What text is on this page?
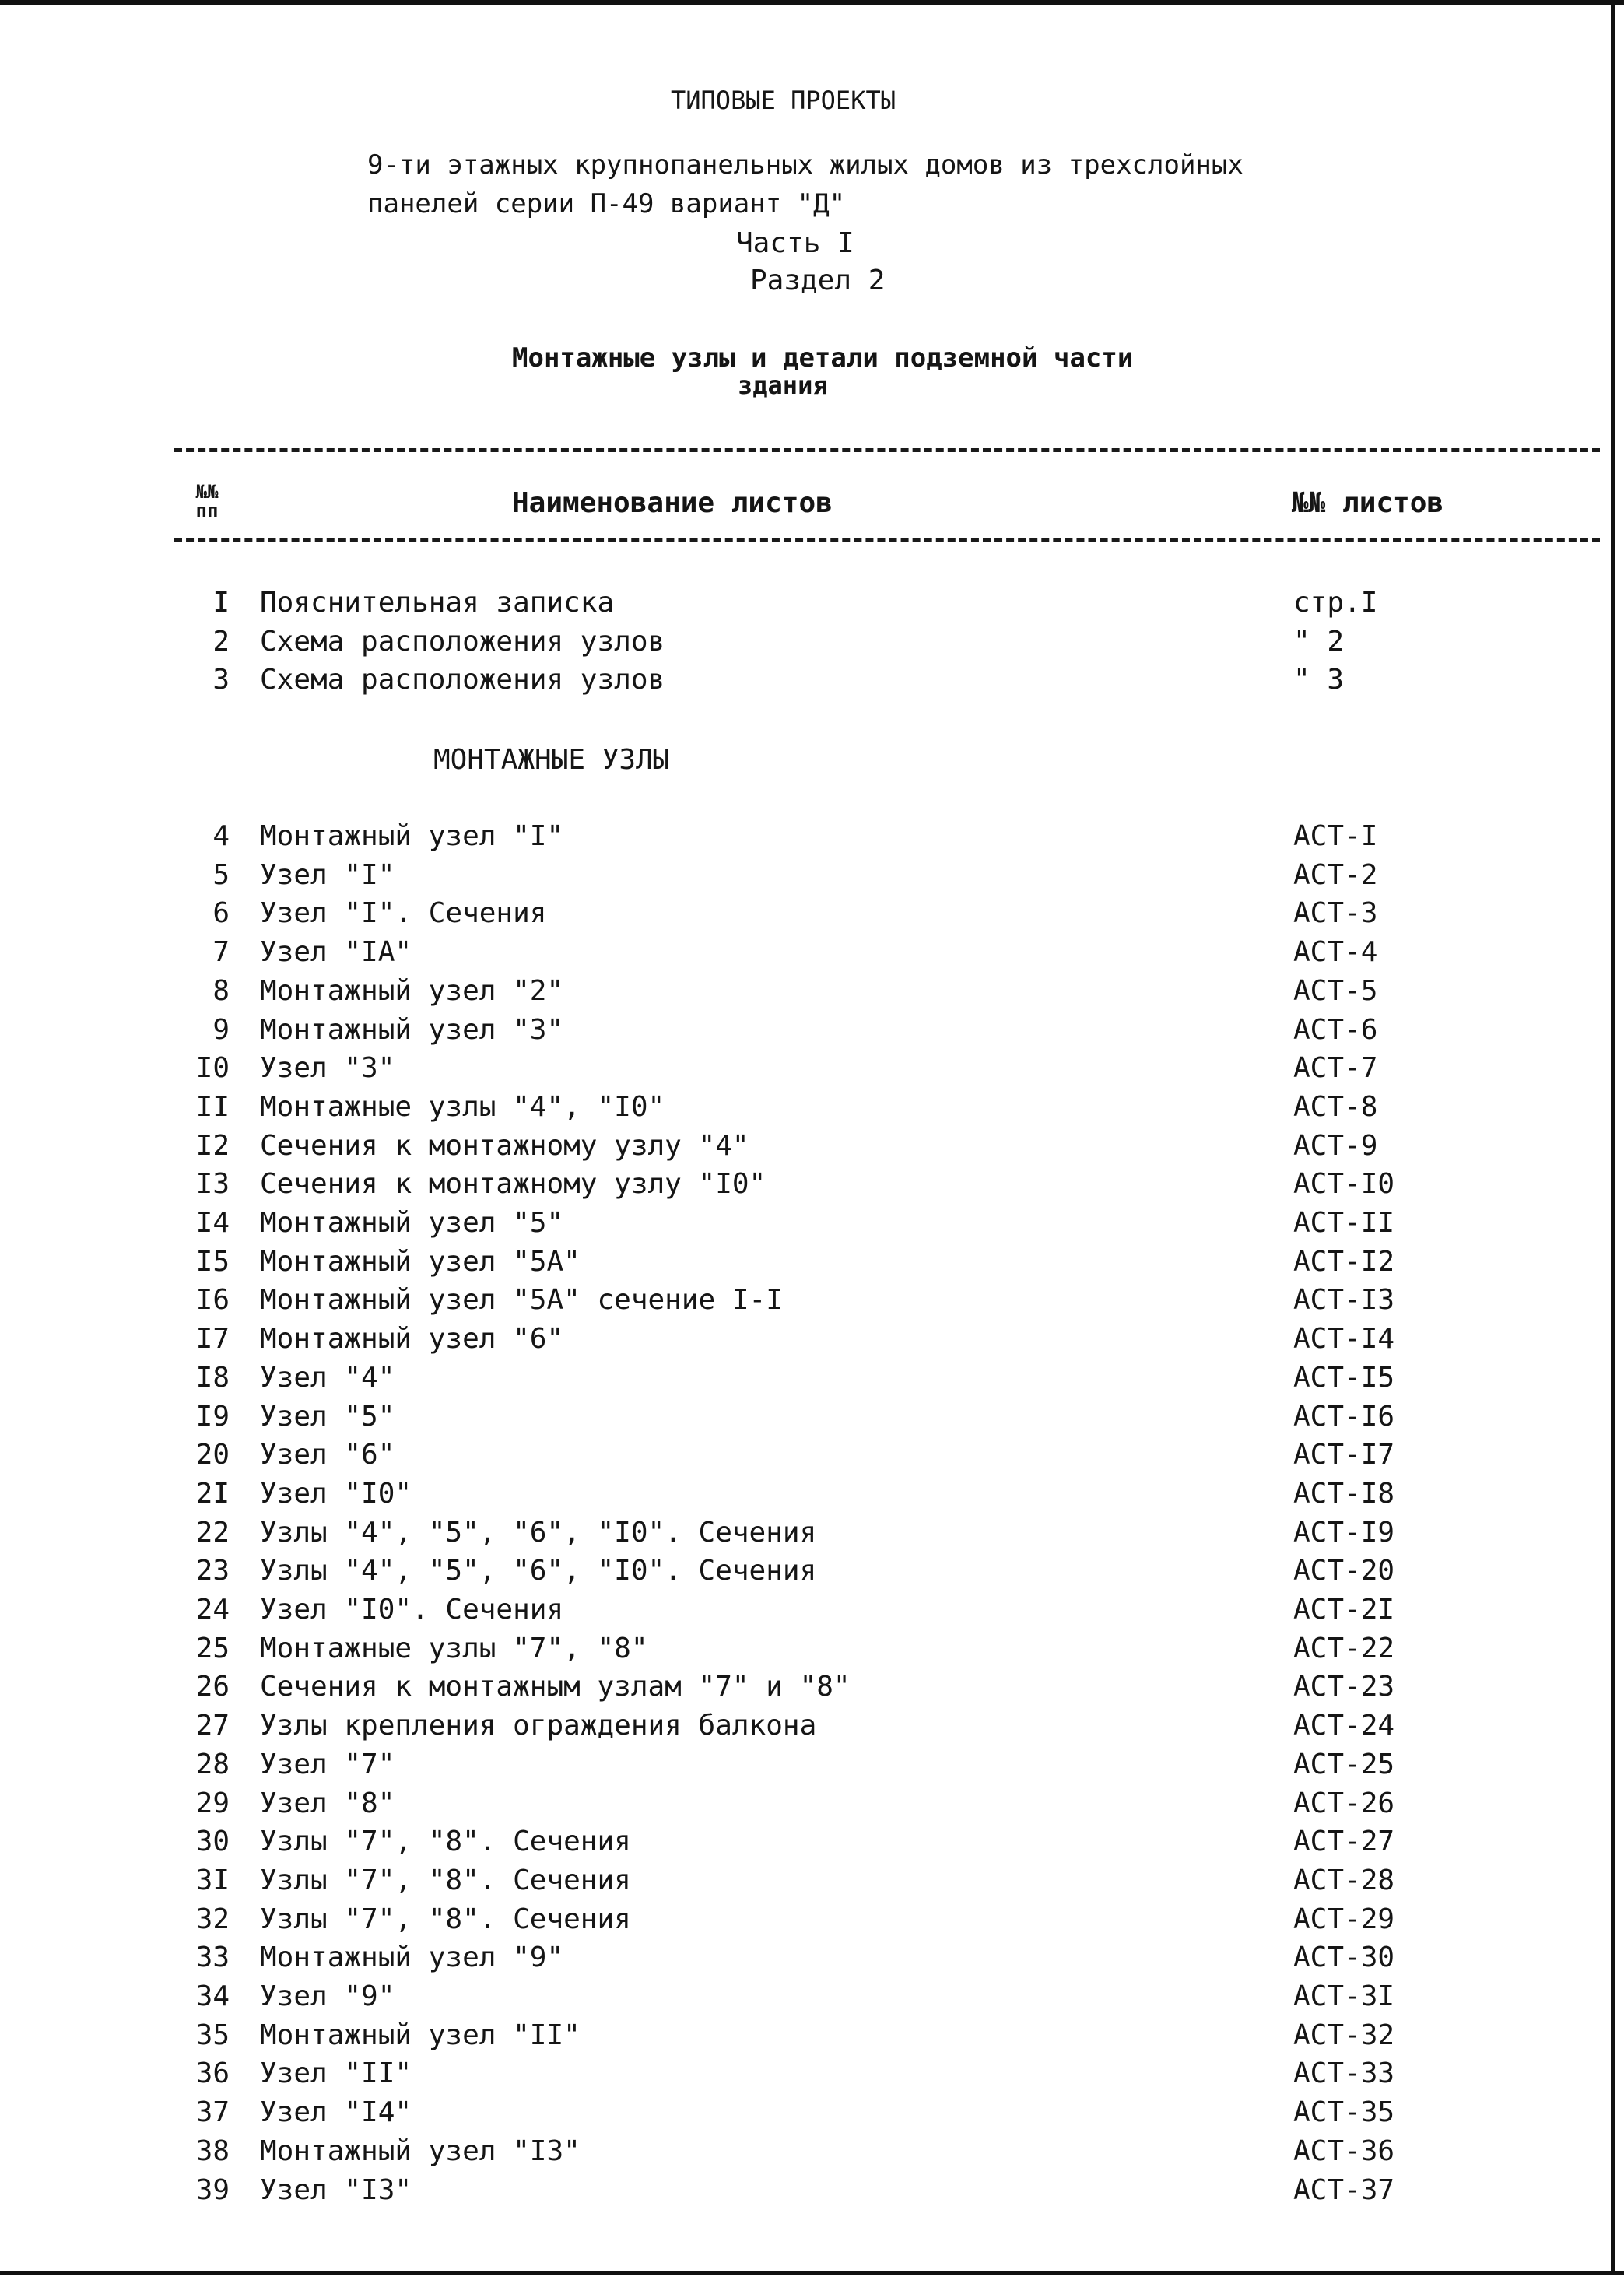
ТИПОВЫЕ ПРОЕКТЫ
9-ти этажных крупнопанельных жилых домов из трехслойных
панелей серии П-49 вариант "Д"
Часть I
Раздел 2
Монтажные узлы и детали подземной части
здания
№№ пп	Наименование листов	№№ листов
I Пояснительная записка	стр.I
2 Схема расположения узлов	" 2
3 Схема расположения узлов	" 3
МОНТАЖНЫЕ УЗЛЫ
4 Монтажный узел "I"	АСТ-I
5 Узел "I"	АСТ-2
6 Узел "I". Сечения	АСТ-3
7 Узел "IА"	АСТ-4
8 Монтажный узел "2"	АСТ-5
9 Монтажный узел "3"	АСТ-6
I0 Узел "3"	АСТ-7
II Монтажные узлы "4", "I0"	АСТ-8
I2 Сечения к монтажному узлу "4"	АСТ-9
I3 Сечения к монтажному узлу "I0"	АСТ-I0
I4 Монтажный узел "5"	АСТ-II
I5 Монтажный узел "5А"	АСТ-I2
I6 Монтажный узел "5А" сечение I-I	АСТ-I3
I7 Монтажный узел "6"	АСТ-I4
I8 Узел "4"	АСТ-I5
I9 Узел "5"	АСТ-I6
20 Узел "6"	АСТ-I7
2I Узел "I0"	АСТ-I8
22 Узлы "4", "5", "6", "I0". Сечения	АСТ-I9
23 Узлы "4", "5", "6", "I0". Сечения	АСТ-20
24 Узел "I0". Сечения	АСТ-2I
25 Монтажные узлы "7", "8"	АСТ-22
26 Сечения к монтажным узлам "7" и "8"	АСТ-23
27 Узлы крепления ограждения балкона	АСТ-24
28 Узел "7"	АСТ-25
29 Узел "8"	АСТ-26
30 Узлы "7", "8". Сечения	АСТ-27
3I Узлы "7", "8". Сечения	АСТ-28
32 Узлы "7", "8". Сечения	АСТ-29
33 Монтажный узел "9"	АСТ-30
34 Узел "9"	АСТ-3I
35 Монтажный узел "II"	АСТ-32
36 Узел "II"	АСТ-33
37 Узел "I4"	АСТ-35
38 Монтажный узел "I3"	АСТ-36
39 Узел "I3"	АСТ-37
